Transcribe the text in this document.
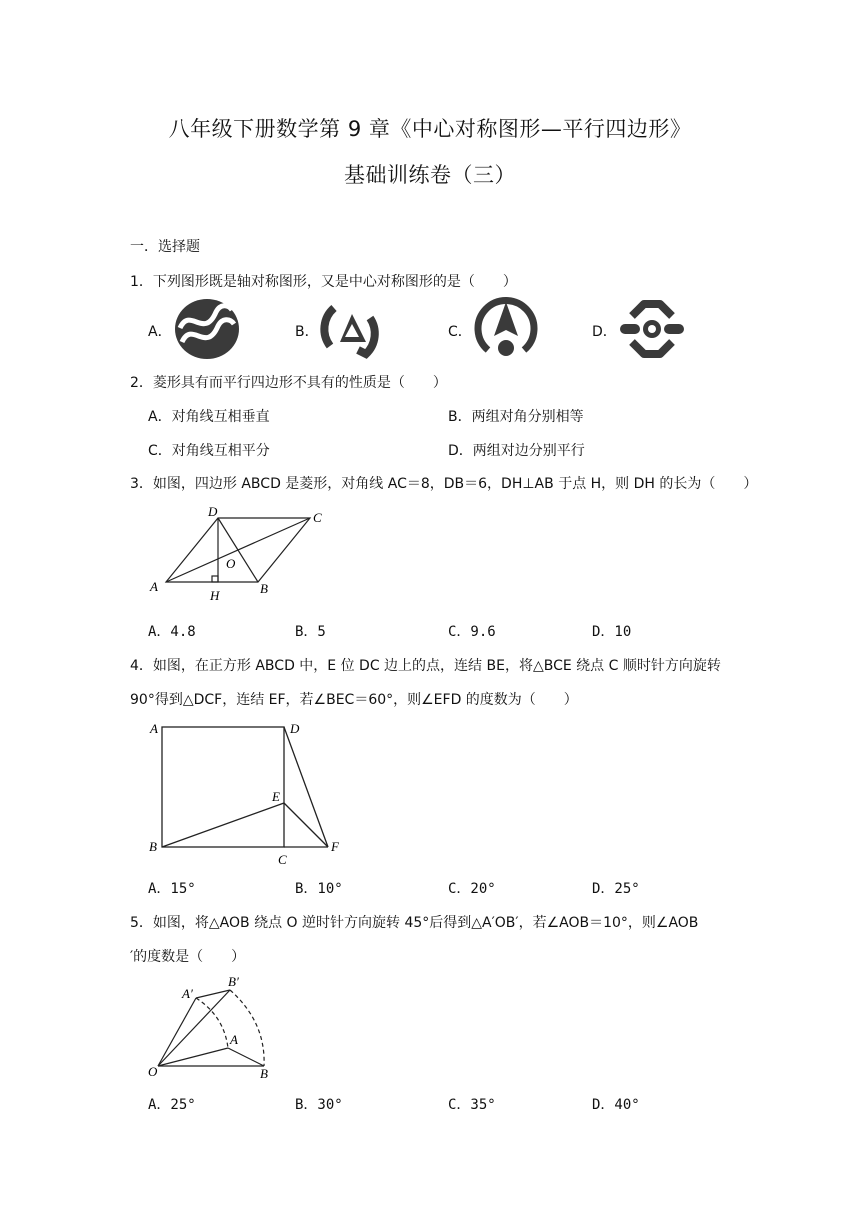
八年级下册数学第 9 章《中心对称图形—平行四边形》
基础训练卷（三）
一．选择题
1．下列图形既是轴对称图形，又是中心对称图形的是（　　）
A．	B．	C．	D．
2．菱形具有而平行四边形不具有的性质是（　　）
A．对角线互相垂直	B．两组对角分别相等
C．对角线互相平分	D．两组对边分别平行
3．如图，四边形 ABCD 是菱形，对角线 AC＝8，DB＝6，DH⊥AB 于点 H，则 DH 的长为（　　）
D	C
O
A
H	B
A．4.8	B．5	C．9.6	D．10
4．如图，在正方形 ABCD 中，E 位 DC 边上的点，连结 BE，将△BCE 绕点 C 顺时针方向旋转
90°得到△DCF，连结 EF，若∠BEC＝60°，则∠EFD 的度数为（　　）
A	D
E
B
C
F
A．15°	B．10°	C．20°	D．25°
5．如图，将△AOB 绕点 O 逆时针方向旋转 45°后得到△A′OB′，若∠AOB＝10°，则∠AOB
′的度数是（　　）
A′
B′
A
O	B
A．25°	B．30°	C．35°	D．40°
